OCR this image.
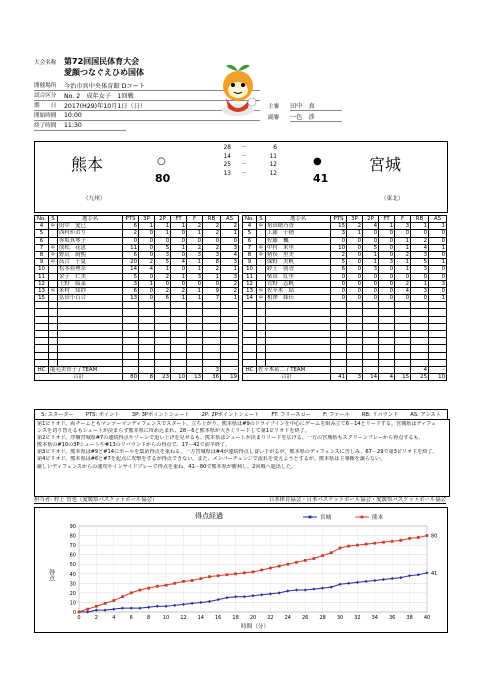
大会名称 第72回国民体育大会
愛顔つなぐえひめ国体
開催場所	今治市営中央体育館 Dコート
試合区分	No. 2　成年女子　1回戦
期　　日	2017(H29)年10月1日（日）
開始時間	10:00
終了時間	11:30
主審 田中　真
副審 一色　渉
熊本
（九州）
○
80
28 －	6
14 －	11
25 －	12
13 －	12
●
41
宮城
（東北）
No.	S	選手名	PTS	3P	2P	FT	F	RB	AS
4	＊	田中　愛巳	6	1	1	1	2	2	2
5		西村かおり	2	0	1	0	1	2	1
6		赤坂真琴子	0	0	0	0	0	0	0
7	＊	成松　花恵	11	0	5	1	2	2	3
8	＊	野尻　絢熙	6	0	3	0	3	3	4
9	＊	高合　千夏	20	2	5	4	1	8	3
10		松本亜理奈	14	4	1	0	1	2	1
11		金子　仁美	5	0	2	1	3	1	3
12		上野　綾菜	3	1	0	0	0	0	2
13	＊	米村　知紗	6	0	2	2	1	9	2
15		冨田小百合	13	0	6	1	1	7	1

HC	龍毛美智子 / TEAM							3	-
合計			80	8	23	10	13	36	19
No.	S	選手名	PTS	3P	2P	FT	F	RB	AS
4	＊	角田穂乃香	15	2	4	1	3	1	1
5		工藤　千穂	3	1	0	0	0	0	0
6		佐藤　楓	0	0	0	0	1	2	0
7	＊	中村　朱里	10	0	5	0	1	4	1
8	＊	猪俣　里美	2	0	1	0	2	3	0
9		保野　美帆	5	0	1	3	1	5	1
10		鈴土　朝香	6	0	3	0	1	3	0
11		柴田　紅里	0	0	0	0	0	0	0
12		菅野　志帆	0	0	0	0	2	1	3
13	＊	佐々木　結	0	0	0	0	4	3	0
14	＊	相澤　妹佳	0	0	0	0	0	0	1

HC	佐々木祐二 / TEAM							4	-
合計			41	3	14	4	15	25	10
S: スターター PTS: ポイント 3P: 3Pポイントシュート 2P: 2Pポイントシュート FT: フリースロー F: ファール RB: リバウンド AS: アシスト
第1ピリオド、両チームともマンツーマンディフェンスでスタート。立ち上がり、熊本県は#9のドライブインを中心にゲームを組み立て6－14とリードする。宮城県はディフェ
ンスを切り替えるもシュートが決まらず熊本県に攻め込まれ、28－6と熊本県が大きくリードして第1ピリオドを終了。
第2ピリオド、序盤宮城県#7の連続得点やゾーンで追い上げを見せるも、熊本県はシュートが決まりリードを広げる。一方の宮城県もスクリーンプレーから得点するも、
熊本県の#10の3Pシュートや#13のリバウンドからの得点で、17－42で前半終了。
第3ピリオド、熊本県は#9と#14にボールを集め得点を重ねる。一方宮城県は#4が連続得点し食い下がるが、熊本県のディフェンスに苦しみ、67－29で第3ピリオドを終了。
第4ピリオド、熊本県は#6と#7を起点に攻撃をするが得点できない。また、メンバーチェンジで流れを変えようとするが、熊本県は主導権を譲らない。
厳しいディフェンスからの速攻やインサイドプレーで得点を重ね、41－80で熊本県が勝利し、2回戦へ進出した。
担当者: 村上 智也（愛媛県バスケットボール協会）	日本体育協会・日本バスケットボール協会・愛媛県バスケットボール協会
得点経過
0
10
20
30
40
50
60
70
80
90
0	2	4	6	8	10 12 14 16 18 20 22 24 26 28 30 32 34 36 38 40
時間（分）
得点	41
宮城
80
熊本
